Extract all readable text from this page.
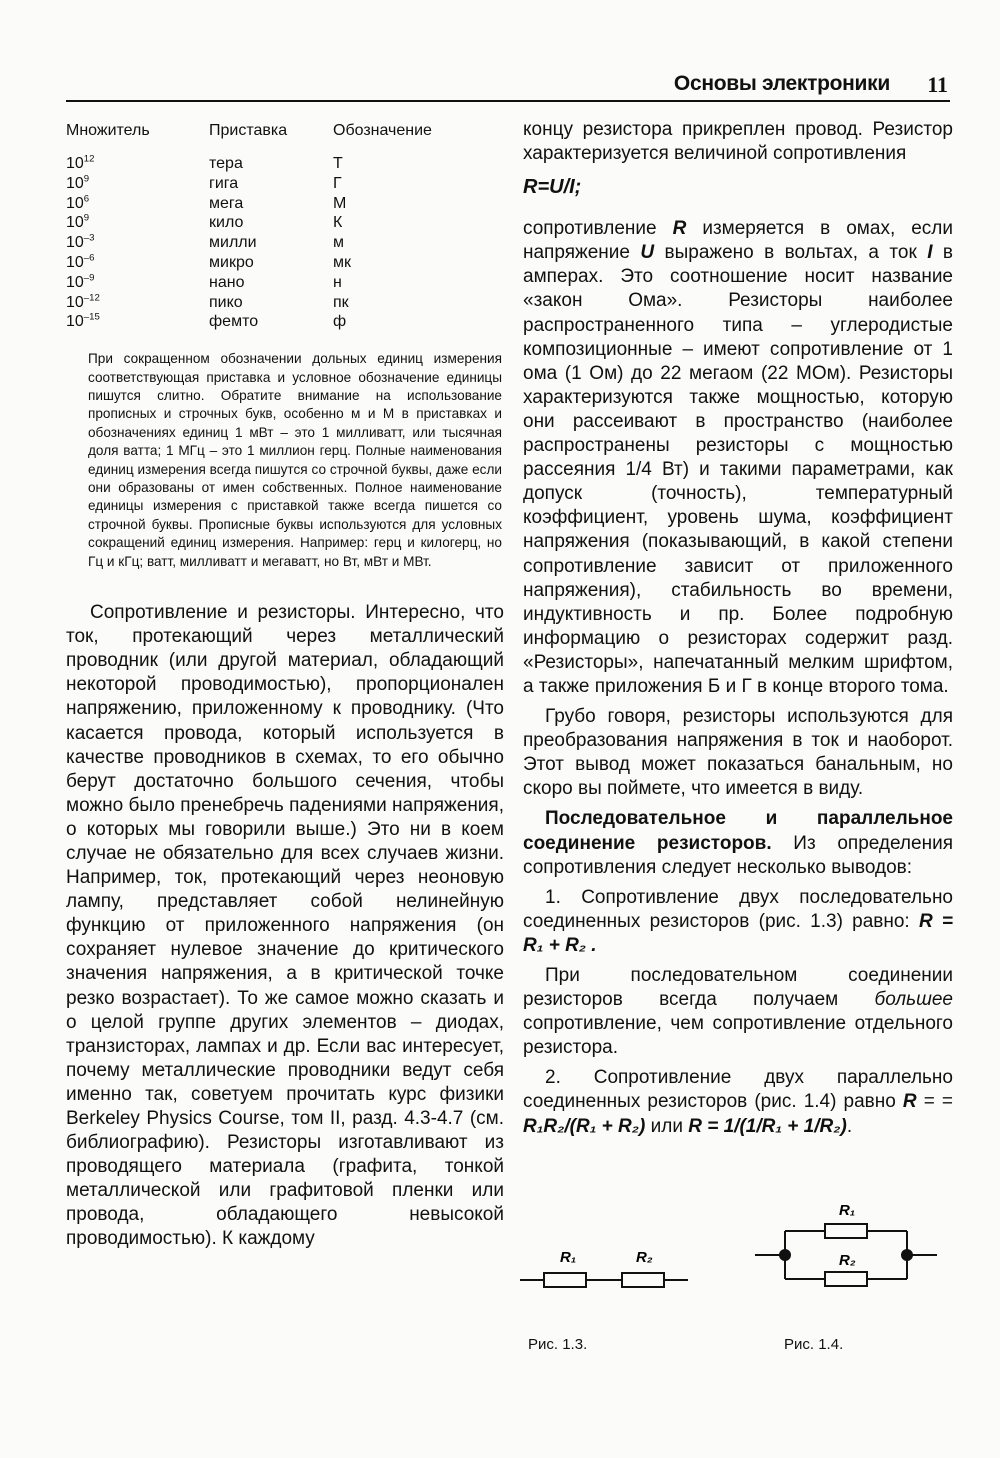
Основы электроники 11
Множитель	Приставка	Обозначение
$10^{12}$	тера	Т
$10^9$	гига	Г
$10^6$	мега	М
$10^9$	кило	К
$10^{-3}$	милли	м
$10^{-6}$	микро	мк
$10^{-9}$	нано	н
$10^{-12}$	пико	пк
$10^{-15}$	фемто	ф
При сокращенном обозначении дольных единиц измерения соответствующая приставка и условное обозначение единицы пишутся слитно. Обратите внимание на использование прописных и строчных букв, особенно м и М в приставках и обозначениях единиц 1 мВт – это 1 милливатт, или тысячная доля ватта; 1 МГц – это 1 миллион герц. Полные наименования единиц измерения всегда пишутся со строчной буквы, даже если они образованы от имен собственных. Полное наименование единицы измерения с приставкой также всегда пишется со строчной буквы. Прописные буквы используются для условных сокращений единиц измерения. Например: герц и килогерц, но Гц и кГц; ватт, милливатт и мегаватт, но Вт, мВт и МВт.

Сопротивление и резисторы. Интересно, что ток, протекающий через металлический проводник (или другой материал, обладающий некоторой проводимостью), пропорционален напряжению, приложенному к проводнику. (Что касается провода, который используется в качестве проводников в схемах, то его обычно берут достаточно большого сечения, чтобы можно было пренебречь падениями напряжения, о которых мы говорили выше.) Это ни в коем случае не обязательно для всех случаев жизни. Например, ток, протекающий через неоновую лампу, представляет собой нелинейную функцию от приложенного напряжения (он сохраняет нулевое значение до критического значения напряжения, а в критической точке резко возрастает). То же самое можно сказать и о целой группе других элементов – диодах, транзисторах, лампах и др. Если вас интересует, почему металлические проводники ведут себя именно так, советуем прочитать курс физики Berkeley Physics Course, том II, разд. 4.3-4.7 (см. библиографию). Резисторы изготавливают из проводящего материала (графита, тонкой металлической или графитовой пленки или провода, обладающего невысокой проводимостью). К каждому

концу резистора прикреплен провод. Резистор характеризуется величиной сопротивления

R=U/I;

сопротивление R измеряется в омах, если напряжение U выражено в вольтах, а ток I в амперах. Это соотношение носит название «закон Ома». Резисторы наиболее распространенного типа – углеродистые композиционные – имеют сопротивление от 1 ома (1 Ом) до 22 мегаом (22 МОм). Резисторы характеризуются также мощностью, которую они рассеивают в пространство (наиболее распространены резисторы с мощностью рассеяния 1/4 Вт) и такими параметрами, как допуск (точность), температурный коэффициент, уровень шума, коэффициент напряжения (показывающий, в какой степени сопротивление зависит от приложенного напряжения), стабильность во времени, индуктивность и пр. Более подробную информацию о резисторах содержит разд. «Резисторы», напечатанный мелким шрифтом, а также приложения Б и Г в конце второго тома.

Грубо говоря, резисторы используются для преобразования напряжения в ток и наоборот. Этот вывод может показаться банальным, но скоро вы поймете, что имеется в виду.

Последовательное и параллельное соединение резисторов. Из определения сопротивления следует несколько выводов:

1. Сопротивление двух последовательно соединенных резисторов (рис. 1.3) равно: R = R₁ + R₂ .

При последовательном соединении резисторов всегда получаем большее сопротивление, чем сопротивление отдельного резистора.

2. Сопротивление двух параллельно соединенных резисторов (рис. 1.4) равно R = = R₁R₂/(R₁ + R₂) или R = 1/(1/R₁ + 1/R₂).

R₁	R₂
Рис. 1.3.
R₁
R₂
Рис. 1.4.
